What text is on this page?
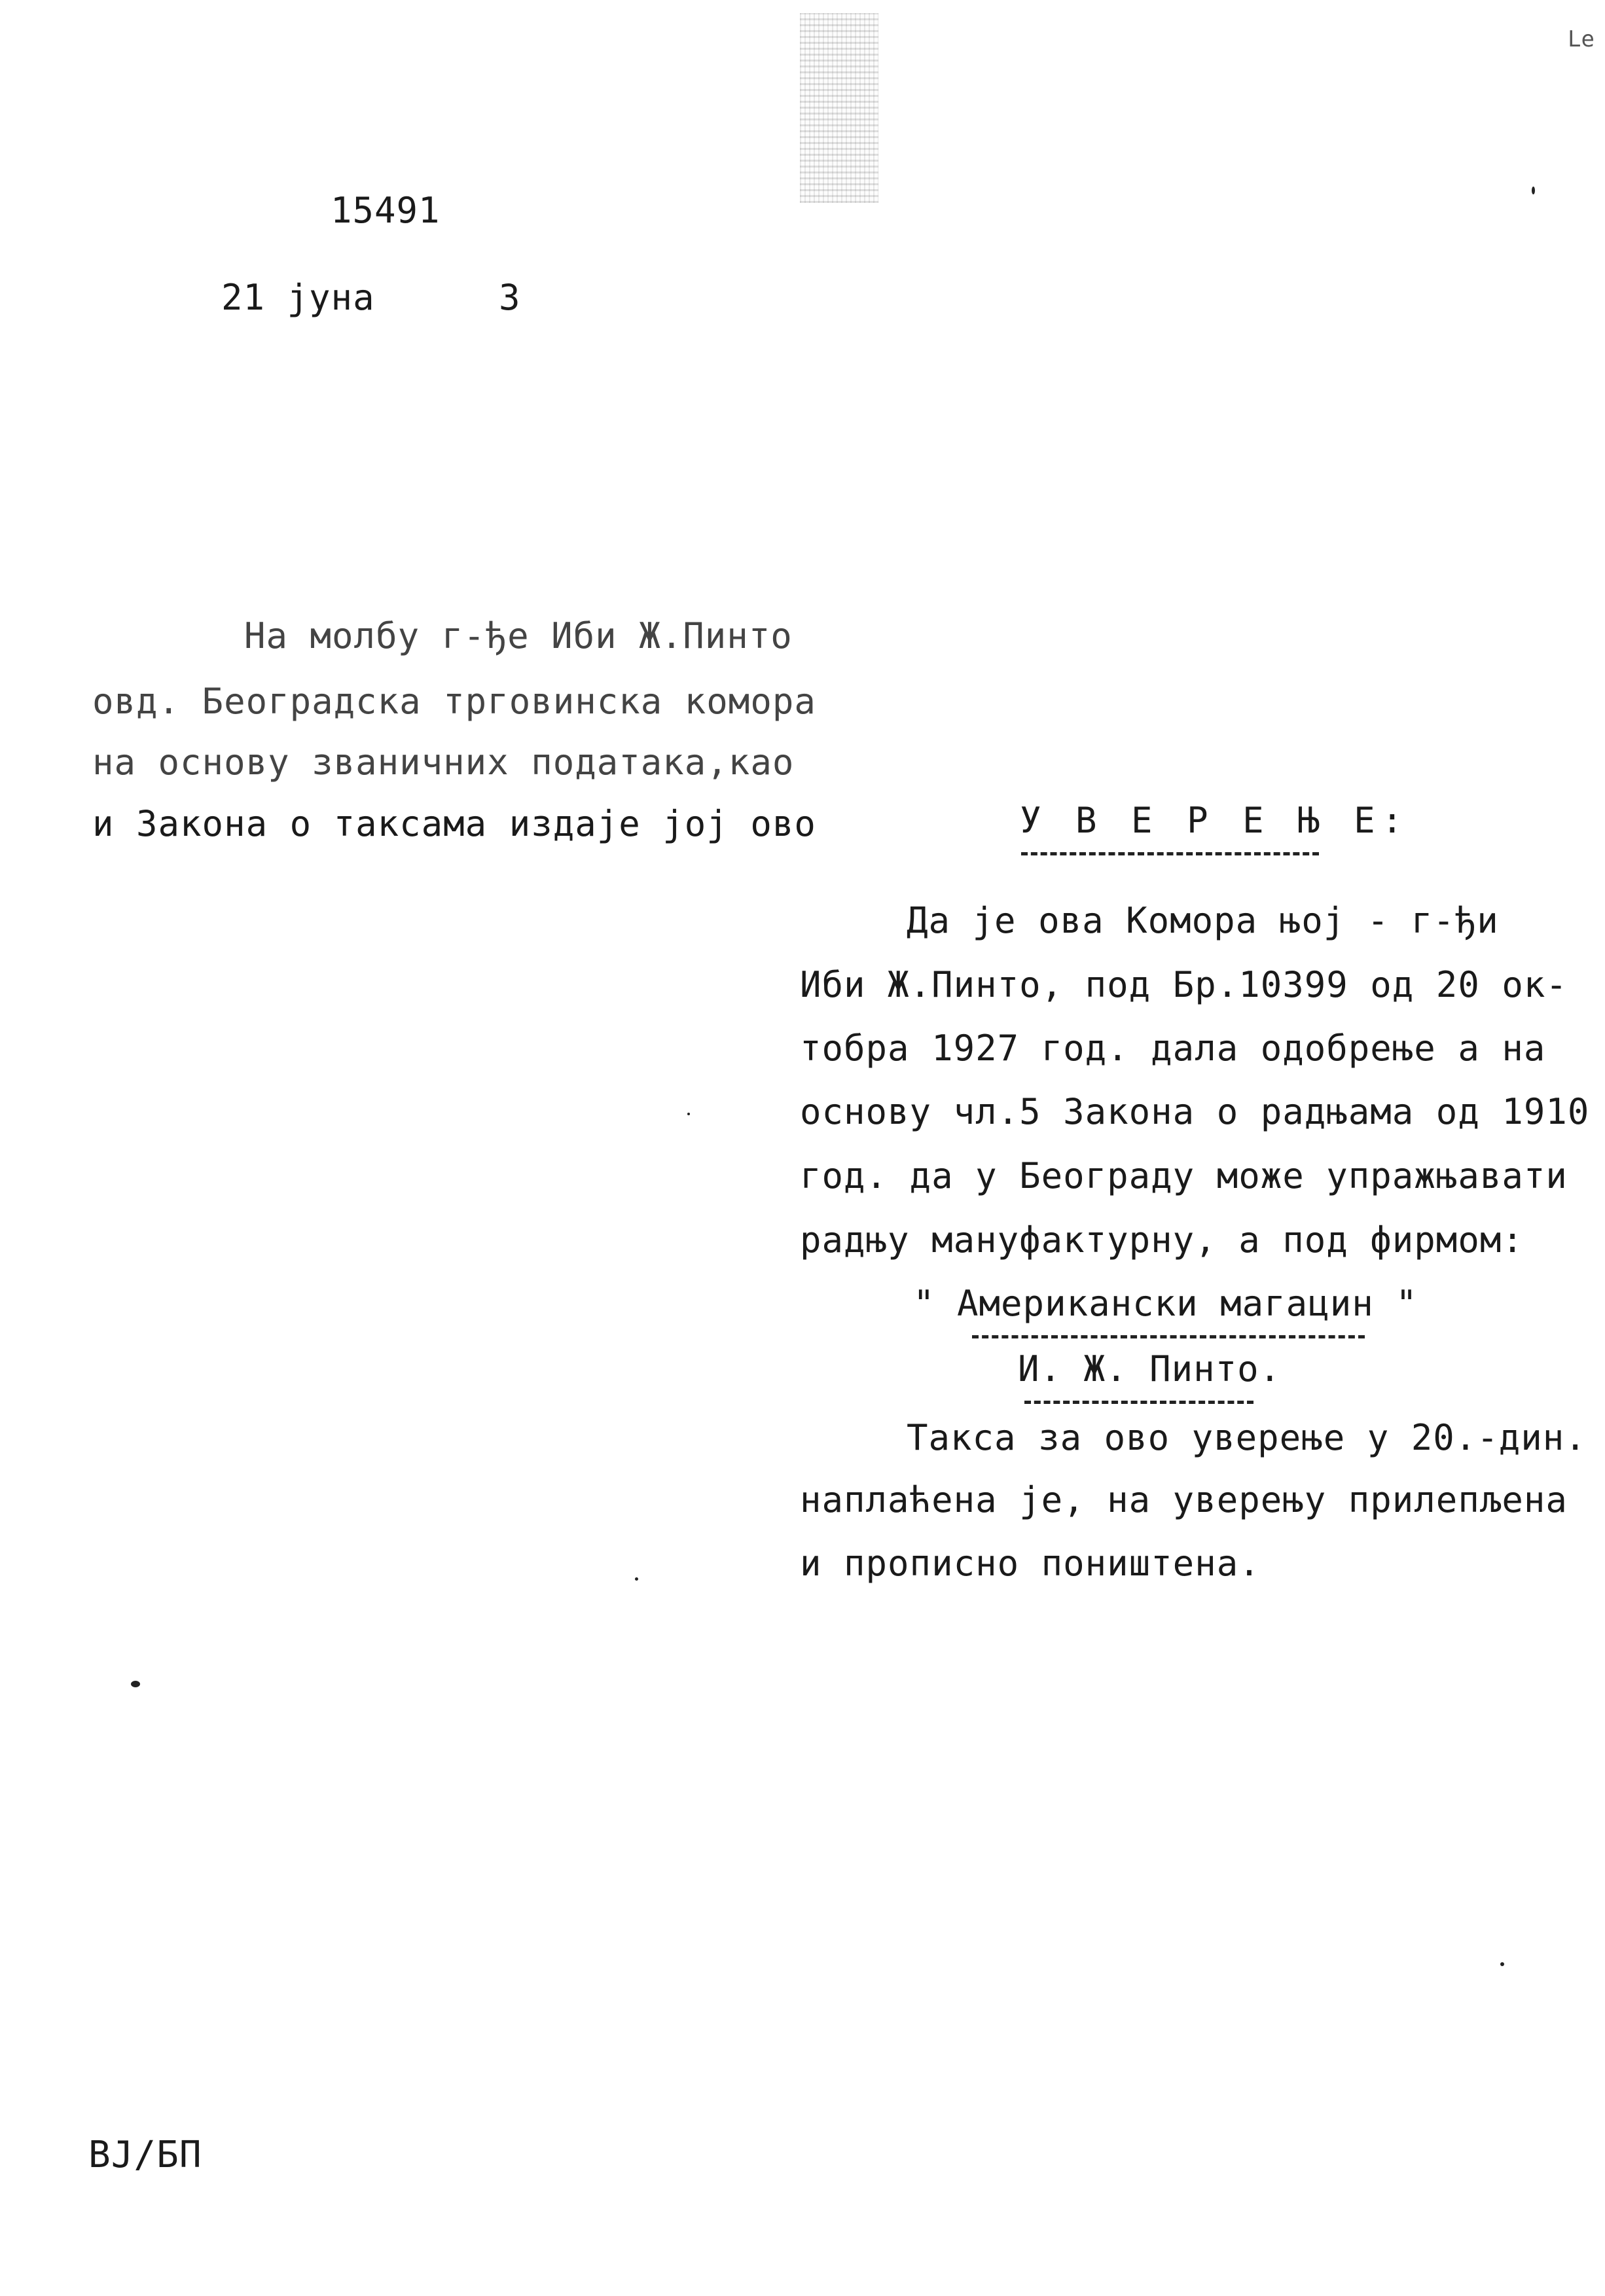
Le
15491
21 јуна	3
На молбу г-ђе Иби Ж.Пинто
овд. Београдска трговинска комора
на основу званичних података,као
и Закона о таксама издаје јој ово	У В Е Р Е Њ Е:
Да је ова Комора њој - г-ђи
Иби Ж.Пинто, под Бр.10399 од 20 ок-
тобра 1927 год. дала одобрење а на
основу чл.5 Закона о радњама од 1910
год. да у Београду може упражњавати
радњу мануфактурну, а под фирмом:
" Американски магацин "
И. Ж. Пинто.
Такса за ово уверење у 20.-дин.
наплаћена је, на уверењу прилепљена
и прописно поништена.
BJ/БП
